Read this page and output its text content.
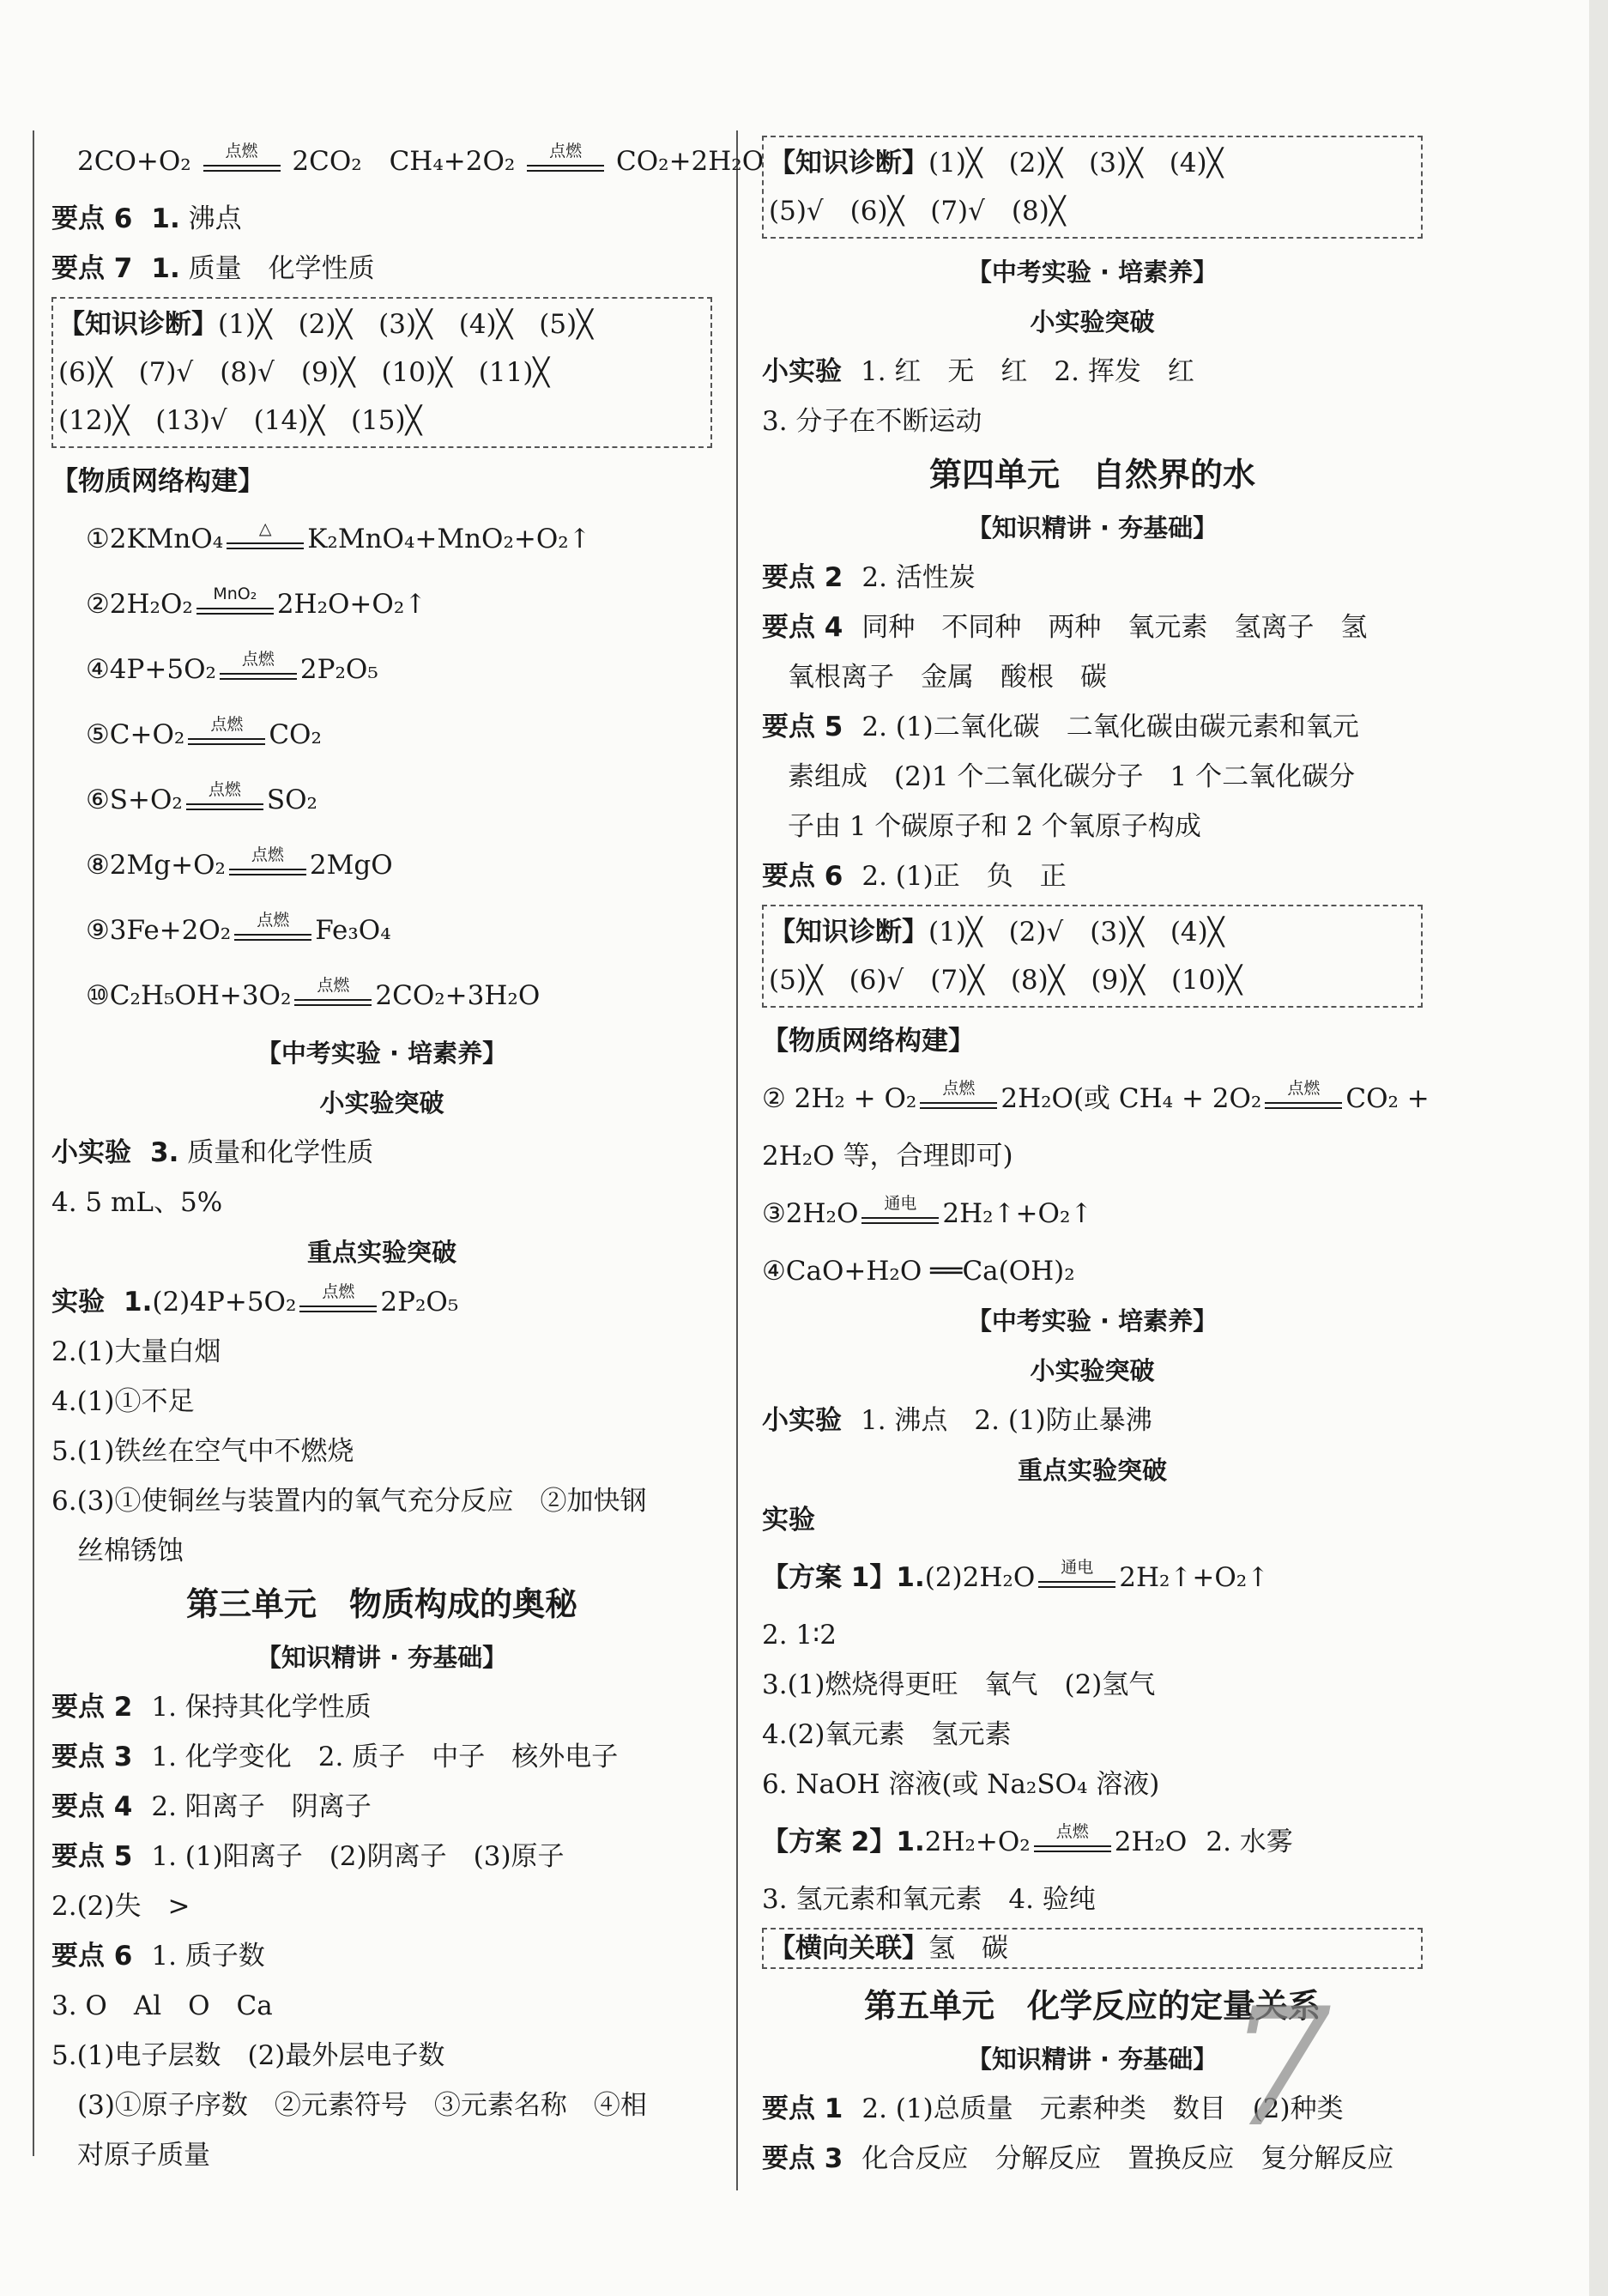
2CO+O₂	点燃	2CO₂ CH₄+2O₂	点燃	CO₂+2H₂O
要点 6 1. 沸点
要点 7 1. 质量　化学性质
【知识诊断】(1)╳　(2)╳　(3)╳　(4)╳　(5)╳
(6)╳　(7)√　(8)√　(9)╳　(10)╳　(11)╳
(12)╳　(13)√　(14)╳　(15)╳
【物质网络构建】
①2KMnO₄	△	K₂MnO₄+MnO₂+O₂↑
②2H₂O₂	MnO₂ 2H₂O+O₂↑
④4P+5O₂	点燃 2P₂O₅
⑤C+O₂	点燃 CO₂
⑥S+O₂	点燃 SO₂
⑧2Mg+O₂	点燃 2MgO
⑨3Fe+2O₂	点燃 Fe₃O₄
⑩C₂H₅OH+3O₂	点燃 2CO₂+3H₂O
【中考实验 · 培素养】
小实验突破
小实验 3. 质量和化学性质
4. 5 mL、5%
重点实验突破
实验 1.(2)4P+5O₂	点燃 2P₂O₅
2.(1)大量白烟
4.(1)①不足
5.(1)铁丝在空气中不燃烧
6.(3)①使铜丝与装置内的氧气充分反应　②加快钢
丝棉锈蚀
第三单元　物质构成的奥秘
【知识精讲 · 夯基础】
要点 2 1. 保持其化学性质
要点 3 1. 化学变化　2. 质子　中子　核外电子
要点 4 2. 阳离子　阴离子
要点 5 1. (1)阳离子　(2)阴离子　(3)原子
2.(2)失　>
要点 6 1. 质子数
3. O　Al　O　Ca
5.(1)电子层数　(2)最外层电子数
(3)①原子序数　②元素符号　③元素名称　④相
对原子质量
【知识诊断】(1)╳　(2)╳　(3)╳　(4)╳
(5)√　(6)╳　(7)√　(8)╳
【中考实验 · 培素养】
小实验突破
小实验 1. 红　无　红　2. 挥发　红
3. 分子在不断运动
第四单元　自然界的水
【知识精讲 · 夯基础】
要点 2 2. 活性炭
要点 4 同种　不同种　两种　氧元素　氢离子　氢
氧根离子　金属　酸根　碳
要点 5 2. (1)二氧化碳　二氧化碳由碳元素和氧元
素组成　(2)1 个二氧化碳分子　1 个二氧化碳分
子由 1 个碳原子和 2 个氧原子构成
要点 6 2. (1)正　负　正
【知识诊断】(1)╳　(2)√　(3)╳　(4)╳
(5)╳　(6)√　(7)╳　(8)╳　(9)╳　(10)╳
【物质网络构建】
② 2H₂ + O₂	点燃 2H₂O(或 CH₄ + 2O₂	点燃 CO₂ +
2H₂O 等，合理即可)
③2H₂O	通电 2H₂↑+O₂↑
④CaO+H₂O ══Ca(OH)₂
【中考实验 · 培素养】
小实验突破
小实验 1. 沸点　2. (1)防止暴沸
重点实验突破
实验
【方案 1】1.(2)2H₂O	通电 2H₂↑+O₂↑
2. 1∶2
3.(1)燃烧得更旺　氧气　(2)氢气
4.(2)氧元素　氢元素
6. NaOH 溶液(或 Na₂SO₄ 溶液)
【方案 2】1.2H₂+O₂	点燃 2H₂O 2. 水雾
3. 氢元素和氧元素　4. 验纯
【横向关联】氢　碳
第五单元　化学反应的定量关系
【知识精讲 · 夯基础】
要点 1 2. (1)总质量　元素种类　数目　(2)种类
要点 3 化合反应　分解反应　置换反应　复分解反应
7
